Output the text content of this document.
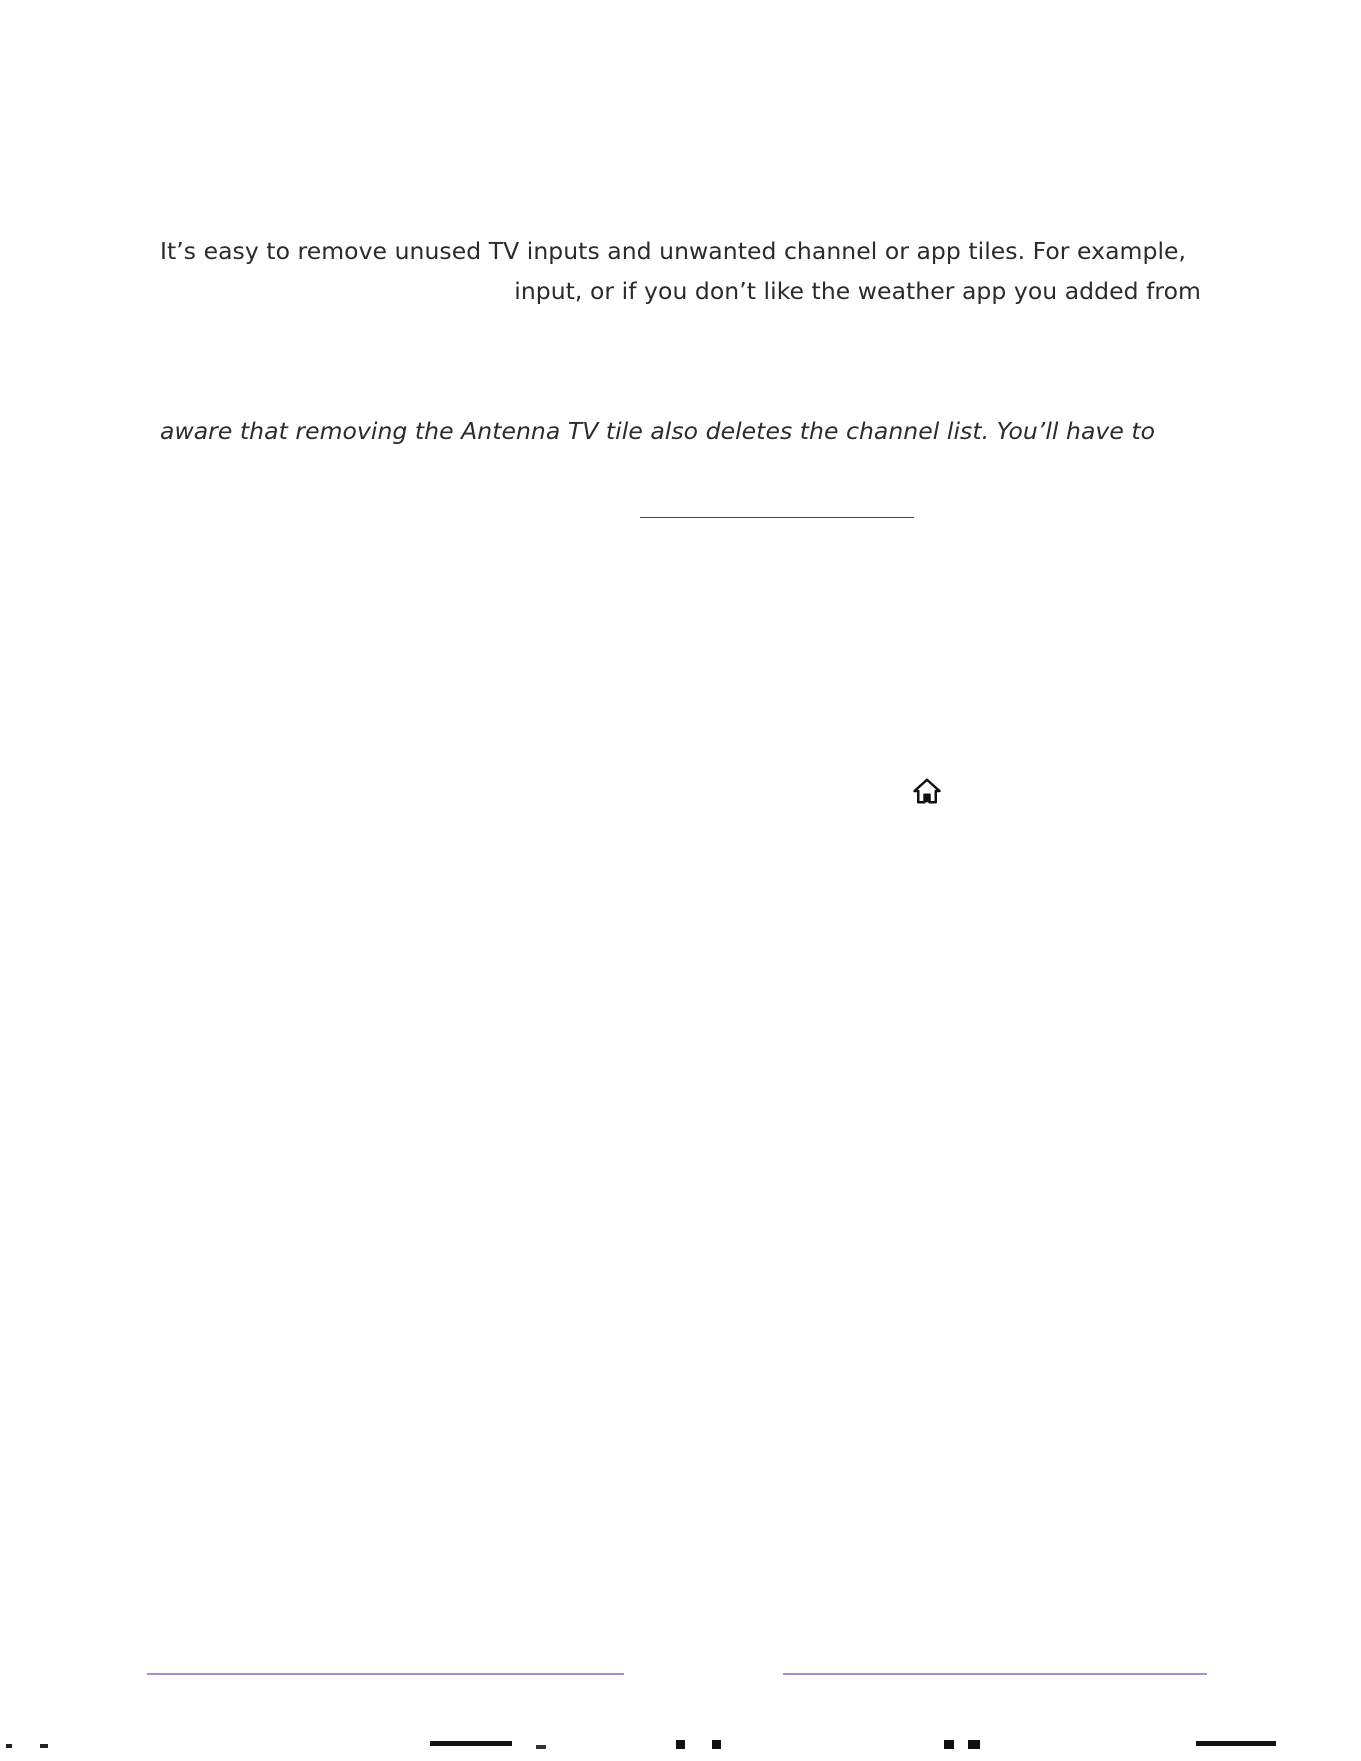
It’s easy to remove unused TV inputs and unwanted channel or app tiles. For example,

input, or if you don’t like the weather app you added from

aware that removing the Antenna TV tile also deletes the channel list. You’ll have to
